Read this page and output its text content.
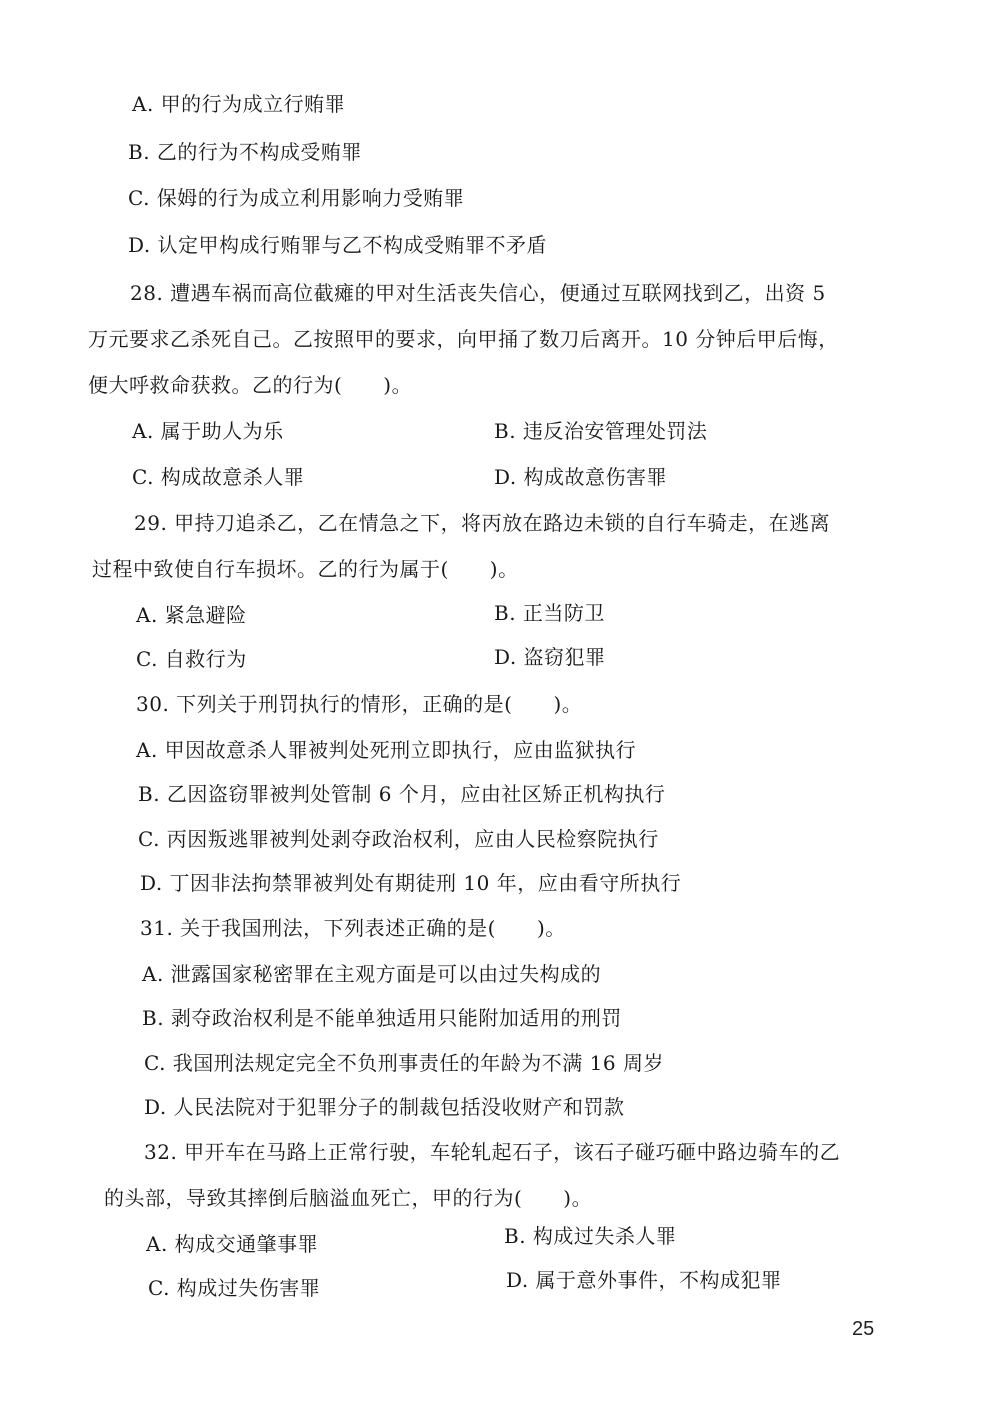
A. 甲的行为成立行贿罪
B. 乙的行为不构成受贿罪
C. 保姆的行为成立利用影响力受贿罪
D. 认定甲构成行贿罪与乙不构成受贿罪不矛盾
28. 遭遇车祸而高位截瘫的甲对生活丧失信心，便通过互联网找到乙，出资 5
万元要求乙杀死自己。乙按照甲的要求，向甲捅了数刀后离开。10 分钟后甲后悔，
便大呼救命获救。乙的行为(　　)。
A. 属于助人为乐	B. 违反治安管理处罚法
C. 构成故意杀人罪	D. 构成故意伤害罪
29. 甲持刀追杀乙，乙在情急之下，将丙放在路边未锁的自行车骑走，在逃离
过程中致使自行车损坏。乙的行为属于(　　)。
A. 紧急避险	B. 正当防卫
C. 自救行为	D. 盗窃犯罪
30. 下列关于刑罚执行的情形，正确的是(　　)。
A. 甲因故意杀人罪被判处死刑立即执行，应由监狱执行
B. 乙因盗窃罪被判处管制 6 个月，应由社区矫正机构执行
C. 丙因叛逃罪被判处剥夺政治权利，应由人民检察院执行
D. 丁因非法拘禁罪被判处有期徒刑 10 年，应由看守所执行
31. 关于我国刑法，下列表述正确的是(　　)。
A. 泄露国家秘密罪在主观方面是可以由过失构成的
B. 剥夺政治权利是不能单独适用只能附加适用的刑罚
C. 我国刑法规定完全不负刑事责任的年龄为不满 16 周岁
D. 人民法院对于犯罪分子的制裁包括没收财产和罚款
32. 甲开车在马路上正常行驶，车轮轧起石子，该石子碰巧砸中路边骑车的乙
的头部，导致其摔倒后脑溢血死亡，甲的行为(　　)。
A. 构成交通肇事罪	B. 构成过失杀人罪
C. 构成过失伤害罪	D. 属于意外事件，不构成犯罪
25
